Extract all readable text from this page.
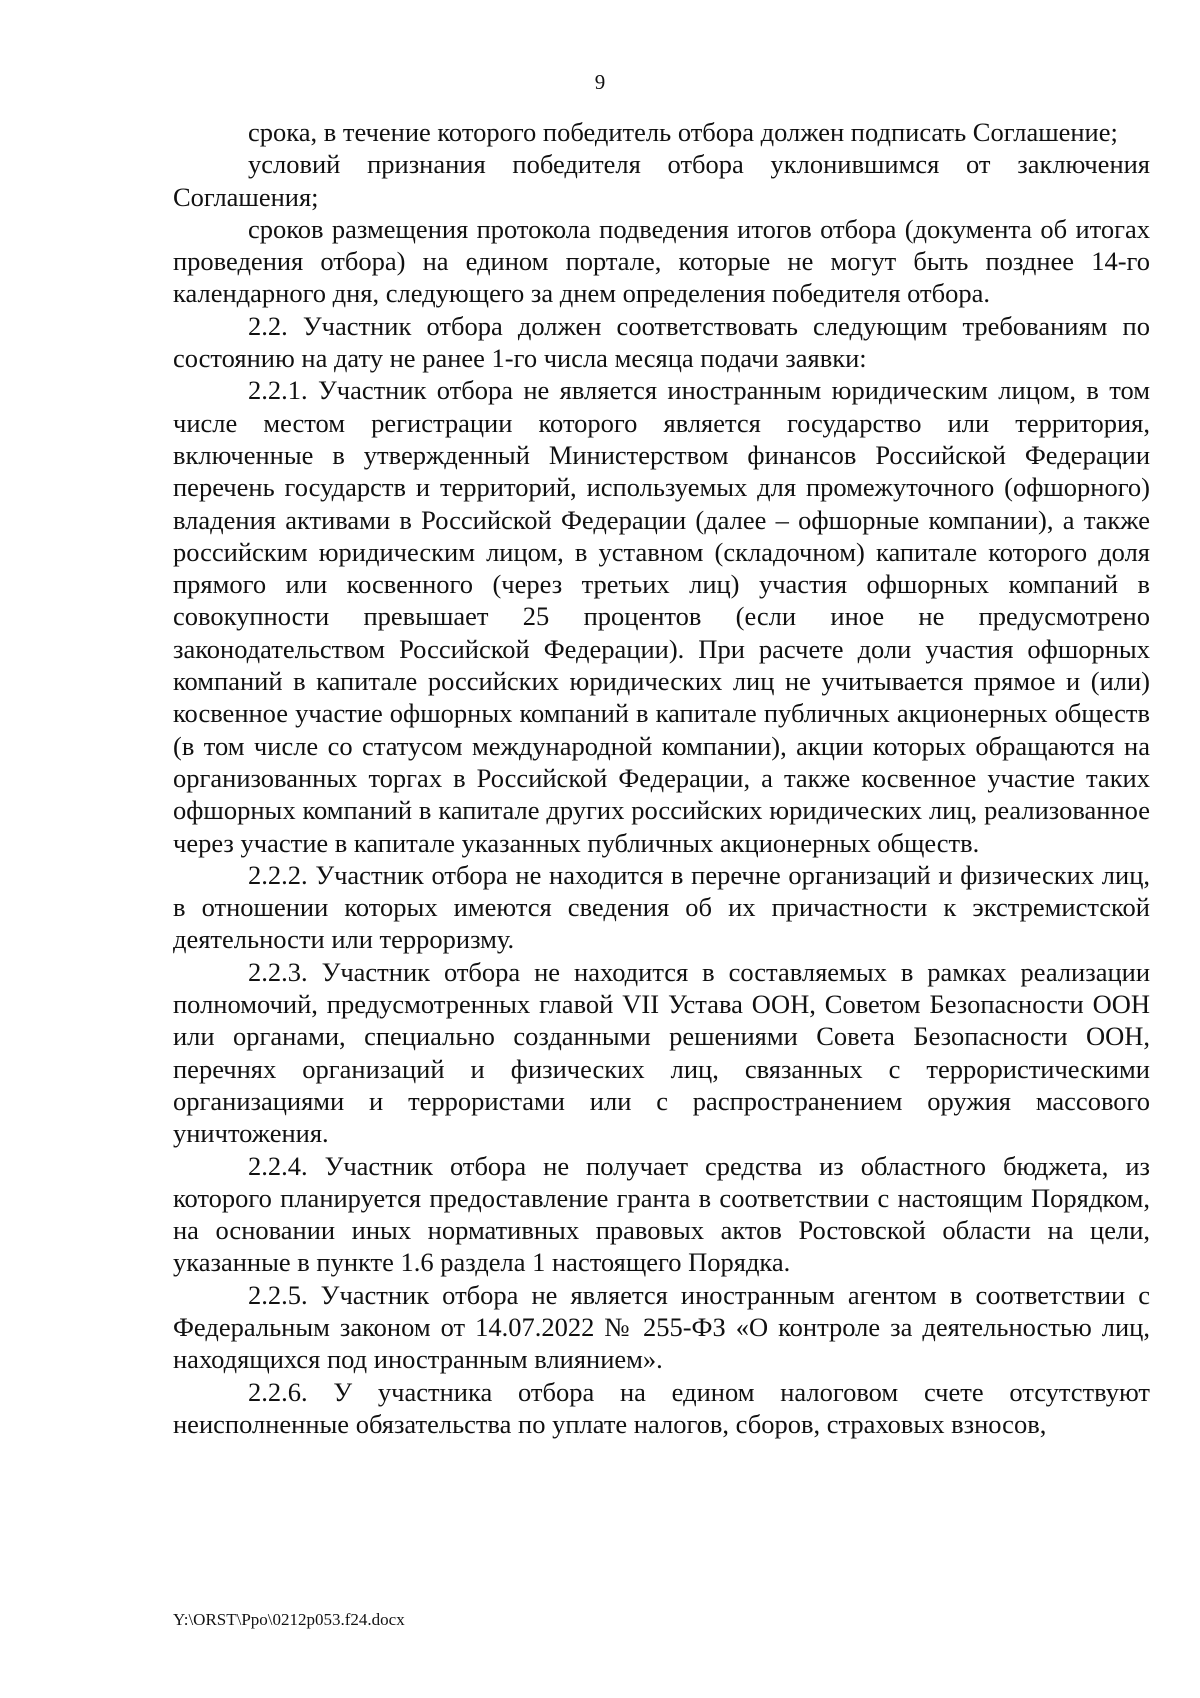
9

срока, в течение которого победитель отбора должен подписать Соглашение;

условий признания победителя отбора уклонившимся от заключения Соглашения;

сроков размещения протокола подведения итогов отбора (документа об итогах проведения отбора) на едином портале, которые не могут быть позднее 14-го календарного дня, следующего за днем определения победителя отбора.

2.2. Участник отбора должен соответствовать следующим требованиям по состоянию на дату не ранее 1-го числа месяца подачи заявки:

2.2.1. Участник отбора не является иностранным юридическим лицом, в том числе местом регистрации которого является государство или территория, включенные в утвержденный Министерством финансов Российской Федерации перечень государств и территорий, используемых для промежуточного (офшорного) владения активами в Российской Федерации (далее – офшорные компании), а также российским юридическим лицом, в уставном (складочном) капитале которого доля прямого или косвенного (через третьих лиц) участия офшорных компаний в совокупности превышает 25 процентов (если иное не предусмотрено законодательством Российской Федерации). При расчете доли участия офшорных компаний в капитале российских юридических лиц не учитывается прямое и (или) косвенное участие офшорных компаний в капитале публичных акционерных обществ (в том числе со статусом международной компании), акции которых обращаются на организованных торгах в Российской Федерации, а также косвенное участие таких офшорных компаний в капитале других российских юридических лиц, реализованное через участие в капитале указанных публичных акционерных обществ.

2.2.2. Участник отбора не находится в перечне организаций и физических лиц, в отношении которых имеются сведения об их причастности к экстремистской деятельности или терроризму.

2.2.3. Участник отбора не находится в составляемых в рамках реализации полномочий, предусмотренных главой VII Устава ООН, Советом Безопасности ООН или органами, специально созданными решениями Совета Безопасности ООН, перечнях организаций и физических лиц, связанных с террористическими организациями и террористами или с распространением оружия массового уничтожения.

2.2.4. Участник отбора не получает средства из областного бюджета, из которого планируется предоставление гранта в соответствии с настоящим Порядком, на основании иных нормативных правовых актов Ростовской области на цели, указанные в пункте 1.6 раздела 1 настоящего Порядка.

2.2.5. Участник отбора не является иностранным агентом в соответствии с Федеральным законом от 14.07.2022 № 255-ФЗ «О контроле за деятельностью лиц, находящихся под иностранным влиянием».

2.2.6. У участника отбора на едином налоговом счете отсутствуют неисполненные обязательства по уплате налогов, сборов, страховых взносов,

Y:\ORST\Ppo\0212p053.f24.docx
